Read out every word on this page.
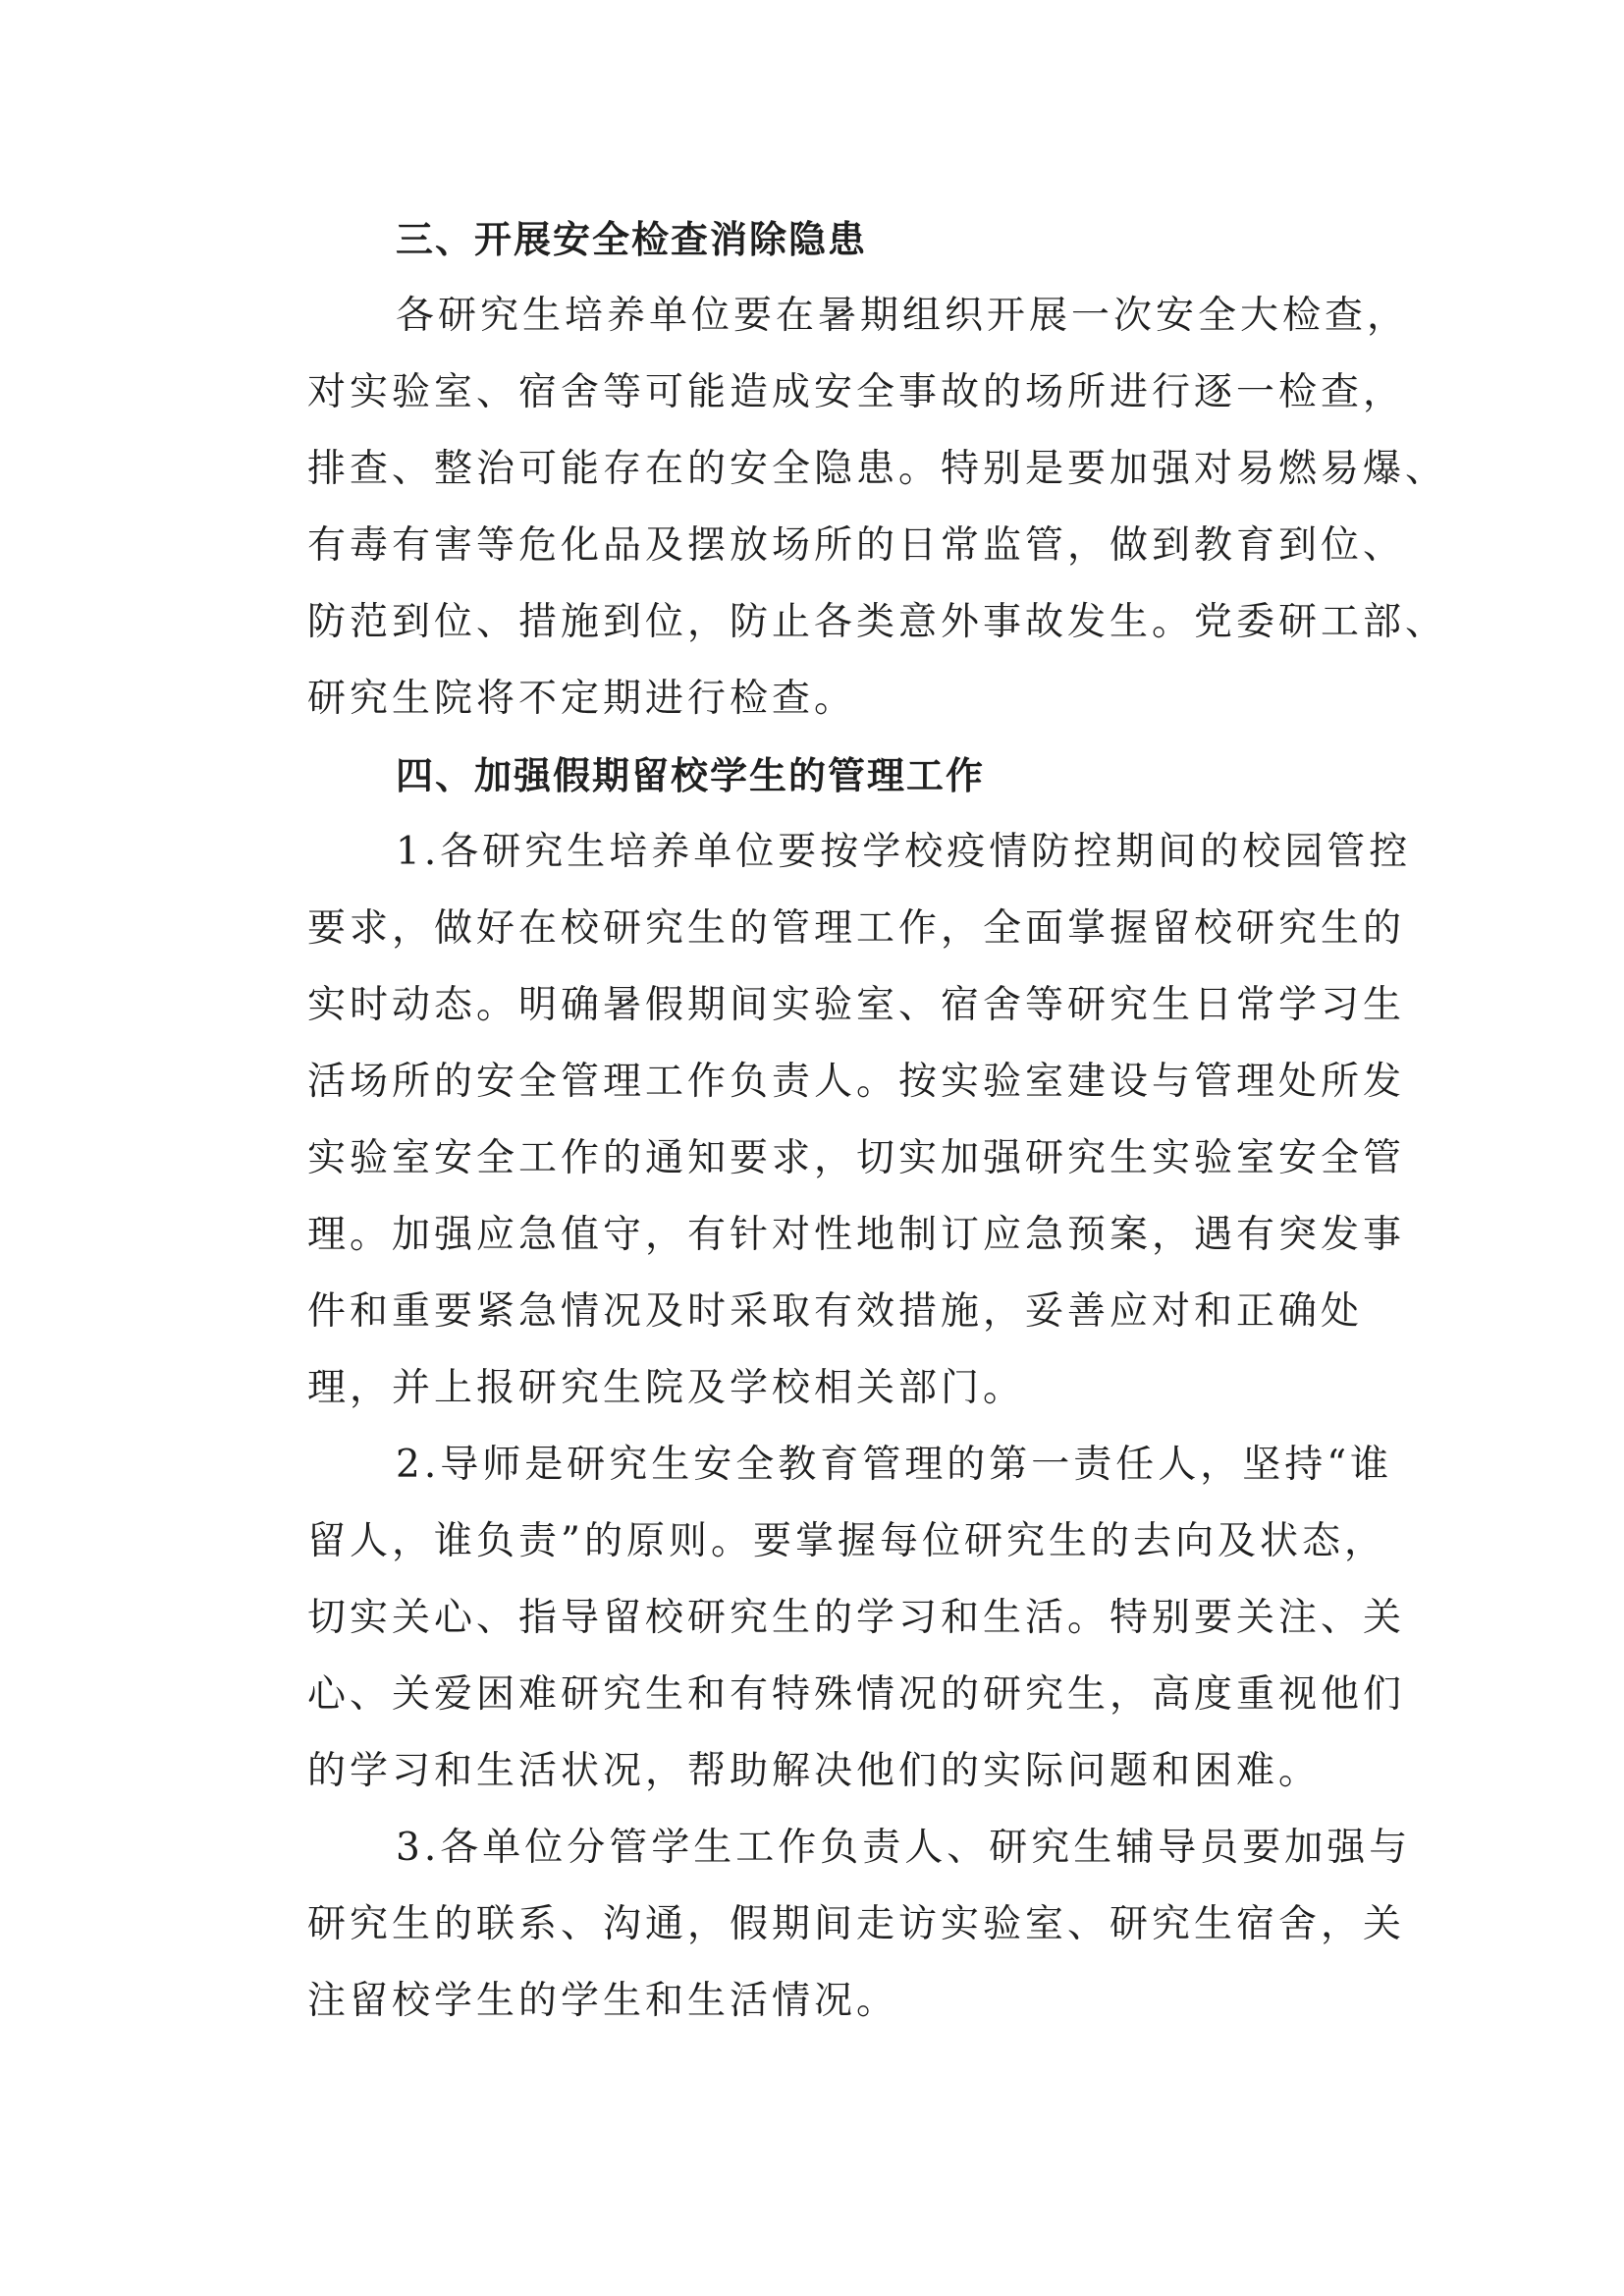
三、开展安全检查消除隐患

各研究生培养单位要在暑期组织开展一次安全大检查，

对实验室、宿舍等可能造成安全事故的场所进行逐一检查，

排查、整治可能存在的安全隐患。特别是要加强对易燃易爆、

有毒有害等危化品及摆放场所的日常监管，做到教育到位、

防范到位、措施到位，防止各类意外事故发生。党委研工部、

研究生院将不定期进行检查。

四、加强假期留校学生的管理工作

1.各研究生培养单位要按学校疫情防控期间的校园管控

要求，做好在校研究生的管理工作，全面掌握留校研究生的

实时动态。明确暑假期间实验室、宿舍等研究生日常学习生

活场所的安全管理工作负责人。按实验室建设与管理处所发

实验室安全工作的通知要求，切实加强研究生实验室安全管

理。加强应急值守，有针对性地制订应急预案，遇有突发事

件和重要紧急情况及时采取有效措施，妥善应对和正确处

理，并上报研究生院及学校相关部门。

2.导师是研究生安全教育管理的第一责任人，坚持“谁

留人，谁负责”的原则。要掌握每位研究生的去向及状态，

切实关心、指导留校研究生的学习和生活。特别要关注、关

心、关爱困难研究生和有特殊情况的研究生，高度重视他们

的学习和生活状况，帮助解决他们的实际问题和困难。

3.各单位分管学生工作负责人、研究生辅导员要加强与

研究生的联系、沟通，假期间走访实验室、研究生宿舍，关

注留校学生的学生和生活情况。
